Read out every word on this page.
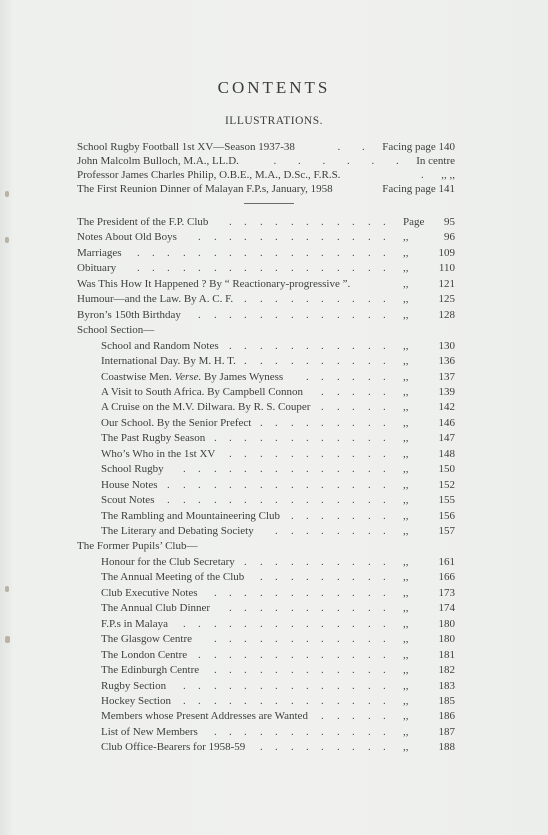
CONTENTS
ILLUSTRATIONS.
School Rugby Football 1st XV—Season 1937-38	. . Facing page 140
John Malcolm Bulloch, M.A., LL.D.	. . . . . . In centre
Professor James Charles Philip, O.B.E., M.A., D.Sc., F.R.S.	. ,, ,,
The First Reunion Dinner of Malayan F.P.s, January, 1958	Facing page 141
The President of the F.P. Club	Page	95
.
.
.
.
.
.
.
.
.
.
.
Notes About Old Boys	,,	96
.
.
.
.
.
.
.
.
.
.
.
.
.
Marriages	,,	109
.
.
.
.
.
.
.
.
.
.
.
.
.
.
.
.
.
Obituary	,,	110
.
.
.
.
.
.
.
.
.
.
.
.
.
.
.
.
.
Was This How It Happened ? By “ Reactionary-progressive ”.	,,	121
Humour—and the Law. By A. C. F.	,,	125
.
.
.
.
.
.
.
.
.
.
Byron’s 150th Birthday	,,	128
.
.
.
.
.
.
.
.
.
.
.
.
.
School Section—
School and Random Notes	,,	130
.
.
.
.
.
.
.
.
.
.
.
International Day. By M. H. T.	,,	136
.
.
.
.
.
.
.
.
.
.
Coastwise Men. Verse. By James Wyness	,,	137
.
.
.
.
.
.
A Visit to South Africa. By Campbell Connon	,,	139
.
.
.
.
.
A Cruise on the M.V. Dilwara. By R. S. Couper	,,	142
.
.
.
.
.
Our School. By the Senior Prefect	,,	146
.
.
.
.
.
.
.
.
.
The Past Rugby Season	,,	147
.
.
.
.
.
.
.
.
.
.
.
.
Who’s Who in the 1st XV	,,	148
.
.
.
.
.
.
.
.
.
.
.
School Rugby	,,	150
.
.
.
.
.
.
.
.
.
.
.
.
.
.
House Notes	,,	152
.
.
.
.
.
.
.
.
.
.
.
.
.
.
.
Scout Notes	,,	155
.
.
.
.
.
.
.
.
.
.
.
.
.
.
.
The Rambling and Mountaineering Club	,,	156
.
.
.
.
.
.
.
The Literary and Debating Society	,,	157
.
.
.
.
.
.
.
.
The Former Pupils’ Club—
Honour for the Club Secretary	,,	161
.
.
.
.
.
.
.
.
.
.
The Annual Meeting of the Club	,,	166
.
.
.
.
.
.
.
.
.
Club Executive Notes	,,	173
.
.
.
.
.
.
.
.
.
.
.
.
The Annual Club Dinner	,,	174
.
.
.
.
.
.
.
.
.
.
.
F.P.s in Malaya	,,	180
.
.
.
.
.
.
.
.
.
.
.
.
.
.
The Glasgow Centre	,,	180
.
.
.
.
.
.
.
.
.
.
.
.
The London Centre	,,	181
.
.
.
.
.
.
.
.
.
.
.
.
.
The Edinburgh Centre	,,	182
.
.
.
.
.
.
.
.
.
.
.
.
Rugby Section	,,	183
.
.
.
.
.
.
.
.
.
.
.
.
.
.
Hockey Section	,,	185
.
.
.
.
.
.
.
.
.
.
.
.
.
.
Members whose Present Addresses are Wanted	,,	186
.
.
.
.
.
List of New Members	,,	187
.
.
.
.
.
.
.
.
.
.
.
.
Club Office-Bearers for 1958-59	,,	188
.
.
.
.
.
.
.
.
.
